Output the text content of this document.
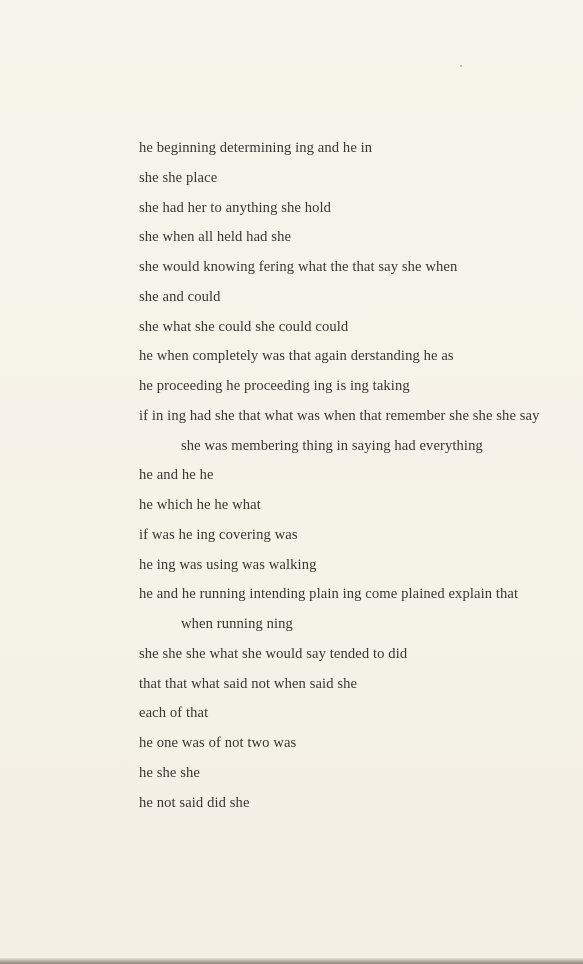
he beginning determining ing and he in
she she place
she had her to anything she hold
she when all held had she
she would knowing fering what the that say she when
she and could
she what she could she could could
he when completely was that again derstanding he as
he proceeding he proceeding ing is ing taking
if in ing had she that what was when that remember she she she say
she was membering thing in saying had everything
he and he he
he which he he what
if was he ing covering was
he ing was using was walking
he and he running intending plain ing come plained explain that
when running ning
she she she what she would say tended to did
that that what said not when said she
each of that
he one was of not two was
he she she
he not said did she
